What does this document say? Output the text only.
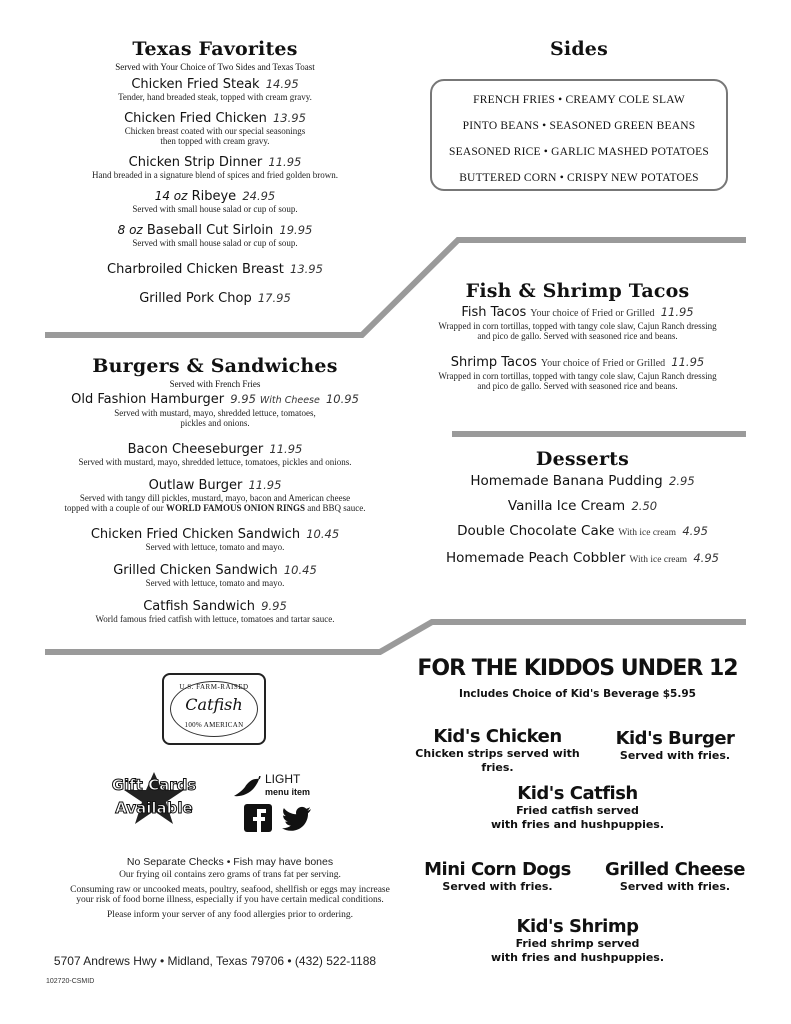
Texas Favorites
Served with Your Choice of Two Sides and Texas Toast
Chicken Fried Steak 14.95
Tender, hand breaded steak, topped with cream gravy.
Chicken Fried Chicken 13.95
Chicken breast coated with our special seasonings
then topped with cream gravy.
Chicken Strip Dinner 11.95
Hand breaded in a signature blend of spices and fried golden brown.
14 oz Ribeye 24.95
Served with small house salad or cup of soup.
8 oz Baseball Cut Sirloin 19.95
Served with small house salad or cup of soup.
Charbroiled Chicken Breast 13.95
Grilled Pork Chop 17.95
Sides
FRENCH FRIES • CREAMY COLE SLAW
PINTO BEANS • SEASONED GREEN BEANS
SEASONED RICE • GARLIC MASHED POTATOES
BUTTERED CORN • CRISPY NEW POTATOES
Fish & Shrimp Tacos
Fish Tacos Your choice of Fried or Grilled 11.95
Wrapped in corn tortillas, topped with tangy cole slaw, Cajun Ranch dressing
and pico de gallo. Served with seasoned rice and beans.
Shrimp Tacos Your choice of Fried or Grilled 11.95
Wrapped in corn tortillas, topped with tangy cole slaw, Cajun Ranch dressing
and pico de gallo. Served with seasoned rice and beans.
Burgers & Sandwiches
Served with French Fries
Old Fashion Hamburger 9.95 With Cheese 10.95
Served with mustard, mayo, shredded lettuce, tomatoes,
pickles and onions.
Bacon Cheeseburger 11.95
Served with mustard, mayo, shredded lettuce, tomatoes, pickles and onions.
Outlaw Burger 11.95
Served with tangy dill pickles, mustard, mayo, bacon and American cheese
topped with a couple of our WORLD FAMOUS ONION RINGS and BBQ sauce.
Chicken Fried Chicken Sandwich 10.45
Served with lettuce, tomato and mayo.
Grilled Chicken Sandwich 10.45
Served with lettuce, tomato and mayo.
Catfish Sandwich 9.95
World famous fried catfish with lettuce, tomatoes and tartar sauce.
Desserts
Homemade Banana Pudding 2.95
Vanilla Ice Cream 2.50
Double Chocolate Cake With ice cream 4.95
Homemade Peach Cobbler With ice cream 4.95
FOR THE KIDDOS UNDER 12
Includes Choice of Kid's Beverage $5.95
Kid's Chicken
Chicken strips served with fries.
Kid's Burger
Served with fries.
Kid's Catfish
Fried catfish served
with fries and hushpuppies.
Mini Corn Dogs
Served with fries.
Grilled Cheese
Served with fries.
Kid's Shrimp
Fried shrimp served
with fries and hushpuppies.
U.S. FARM-RAISED
Catfish
100% AMERICAN
Gift Cards
Available
LIGHT
menu item
No Separate Checks • Fish may have bones
Our frying oil contains zero grams of trans fat per serving.
Consuming raw or uncooked meats, poultry, seafood, shellfish or eggs may increase
your risk of food borne illness, especially if you have certain medical conditions.
Please inform your server of any food allergies prior to ordering.
5707 Andrews Hwy • Midland, Texas 79706 • (432) 522-1188
102720-CSMID
